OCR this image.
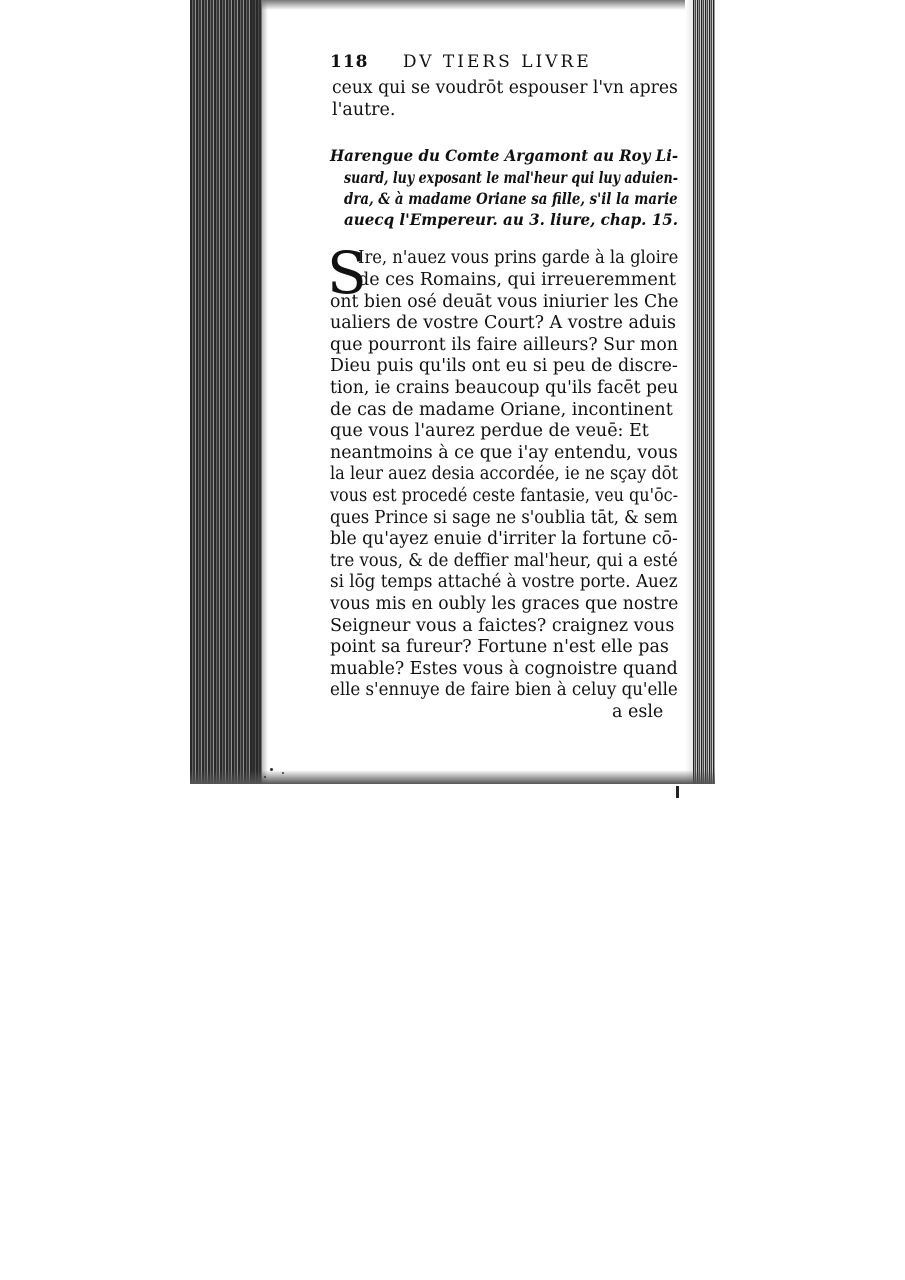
118 DV TIERS LIVRE
ceux qui se voudrōt espouser l'vn apres
l'autre.
Harengue du Comte Argamont au Roy Li-
suard, luy exposant le mal'heur qui luy aduien-
dra, & à madame Oriane sa fille, s'il la marie
auecq l'Empereur. au 3. liure, chap. 15.
S
Ire, n'auez vous prins garde à la gloire
de ces Romains, qui irreueremment
ont bien osé deuāt vous iniurier les Che
ualiers de vostre Court? A vostre aduis
que pourront ils faire ailleurs? Sur mon
Dieu puis qu'ils ont eu si peu de discre-
tion, ie crains beaucoup qu'ils facēt peu
de cas de madame Oriane, incontinent
que vous l'aurez perdue de veuē: Et
neantmoins à ce que i'ay entendu, vous
la leur auez desia accordée, ie ne sçay dōt
vous est procedé ceste fantasie, veu qu'ōc-
ques Prince si sage ne s'oublia tāt, & sem
ble qu'ayez enuie d'irriter la fortune cō-
tre vous, & de deffier mal'heur, qui a esté
si lōg temps attaché à vostre porte. Auez
vous mis en oubly les graces que nostre
Seigneur vous a faictes? craignez vous
point sa fureur? Fortune n'est elle pas
muable? Estes vous à cognoistre quand
elle s'ennuye de faire bien à celuy qu'elle
a esle
